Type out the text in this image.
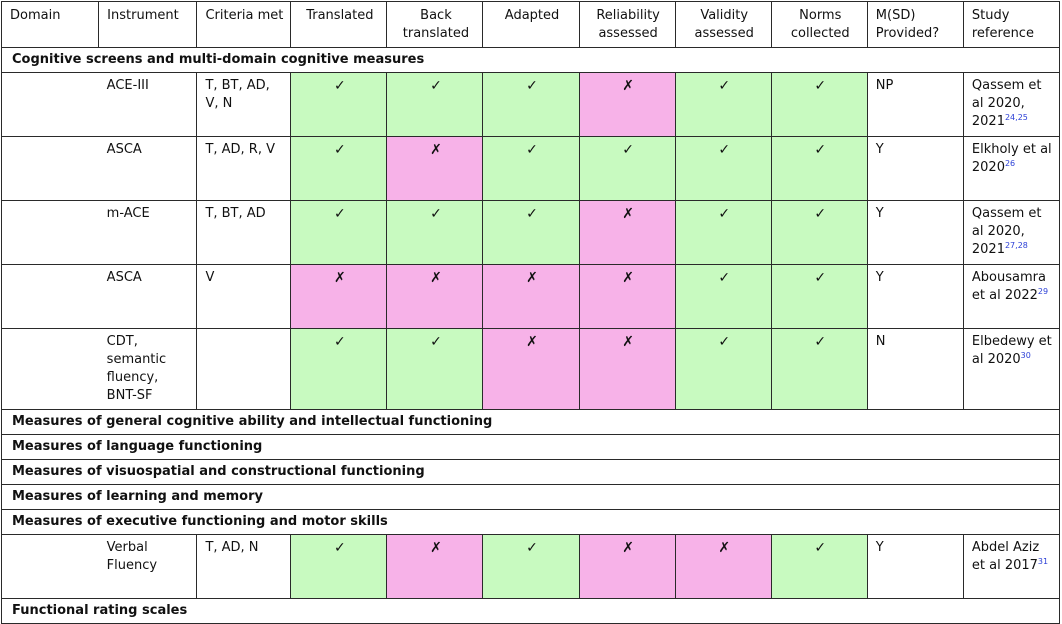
Domain	Instrument	Criteria met	Translated	Back translated	Adapted	Reliability assessed	Validity assessed	Norms collected	M(SD) Provided?	Study reference
Cognitive screens and multi-domain cognitive measures										
	ACE-III	T, BT, AD, V, N	✓	✓	✓	✗	✓	✓	NP	Qassem et al 2020, 2021$^{24,25}$
	ASCA	T, AD, R, V	✓	✗	✓	✓	✓	✓	Y	Elkholy et al 2020$^{26}$
	m-ACE	T, BT, AD	✓	✓	✓	✗	✓	✓	Y	Qassem et al 2020, 2021$^{27,28}$
	ASCA	V	✗	✗	✗	✗	✓	✓	Y	Abousamra et al 2022$^{29}$
	CDT, semantic fluency, BNT-SF		✓	✓	✗	✗	✓	✓	N	Elbedewy et al 2020$^{30}$
Measures of general cognitive ability and intellectual functioning										
Measures of language functioning										
Measures of visuospatial and constructional functioning										
Measures of learning and memory										
Measures of executive functioning and motor skills										
	Verbal Fluency	T, AD, N	✓	✗	✓	✗	✗	✓	Y	Abdel Aziz et al 2017$^{31}$
Functional rating scales										
